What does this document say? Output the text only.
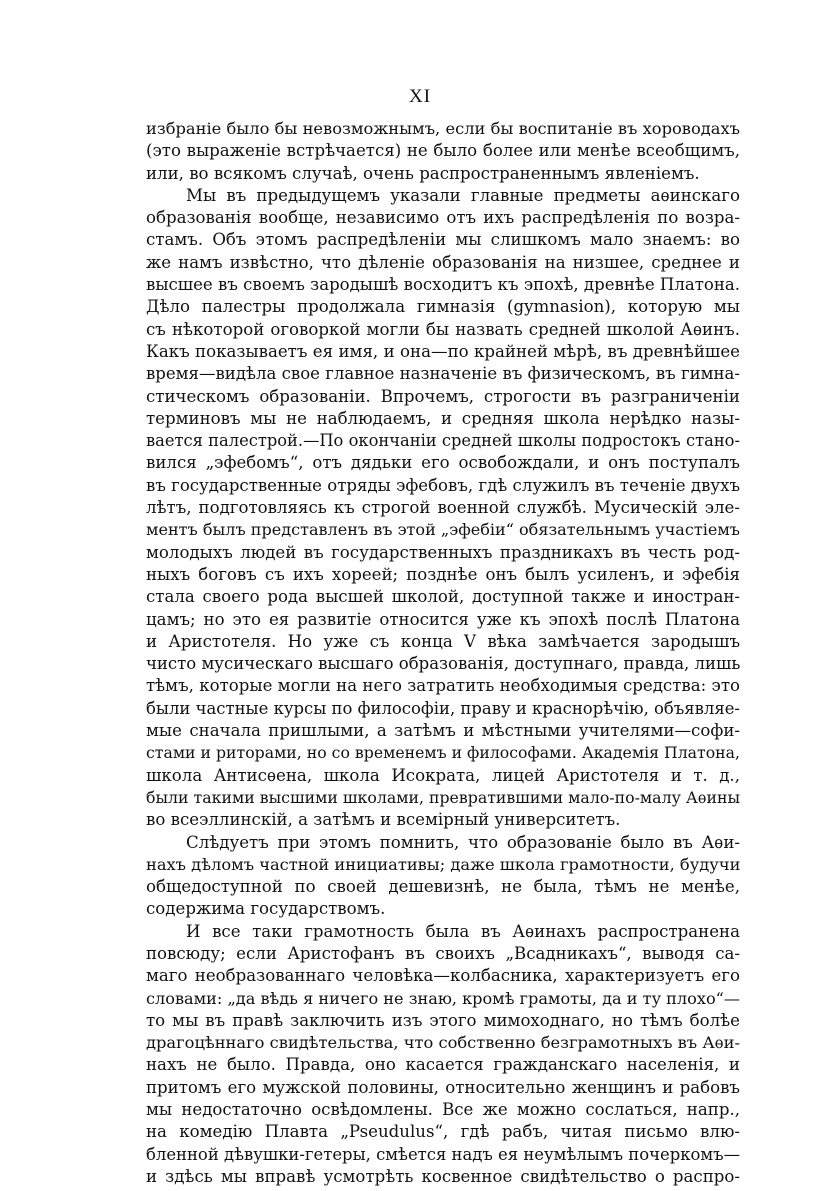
XI
избраніе было бы невозможнымъ, если бы воспитаніе въ хороводахъ
(это выраженіе встрѣчается) не было более или менѣе всеобщимъ,
или, во всякомъ случаѣ, очень распространеннымъ явленіемъ.
Мы въ предыдущемъ указали главные предметы аѳинскаго
образованія вообще, независимо отъ ихъ распредѣленія по возра-
стамъ. Объ этомъ распредѣленіи мы слишкомъ мало знаемъ: во
же намъ извѣстно, что дѣленіе образованія на низшее, среднее и
высшее въ своемъ зародышѣ восходитъ къ эпохѣ, древнѣе Платона.
Дѣло палестры продолжала гимназія (gymnasion), которую мы
съ нѣкоторой оговоркой могли бы назвать средней школой Аѳинъ.
Какъ показываетъ ея имя, и она—по крайней мѣрѣ, въ древнѣйшее
время—видѣла свое главное назначеніе въ физическомъ, въ гимна-
стическомъ образованіи. Впрочемъ, строгости въ разграниченіи
терминовъ мы не наблюдаемъ, и средняя школа нерѣдко назы-
вается палестрой.—По окончаніи средней школы подростокъ стано-
вился „эфебомъ“, отъ дядьки его освобождали, и онъ поступалъ
въ государственные отряды эфебовъ, гдѣ служилъ въ теченіе двухъ
лѣтъ, подготовляясь къ строгой военной службѣ. Мусическій эле-
ментъ былъ представленъ въ этой „эфебіи“ обязательнымъ участіемъ
молодыхъ людей въ государственныхъ праздникахъ въ честь род-
ныхъ боговъ съ ихъ хореей; позднѣе онъ былъ усиленъ, и эфебія
стала своего рода высшей школой, доступной также и иностран-
цамъ; но это ея развитіе относится уже къ эпохѣ послѣ Платона
и Аристотеля. Но уже съ конца V вѣка замѣчается зародышъ
чисто мусическаго высшаго образованія, доступнаго, правда, лишь
тѣмъ, которые могли на него затратить необходимыя средства: это
были частные курсы по философіи, праву и краснорѣчію, объявляе-
мые сначала пришлыми, а затѣмъ и мѣстными учителями—софи-
стами и риторами, но со временемъ и философами. Академія Платона,
школа Антисѳена, школа Исократа, лицей Аристотеля и т. д.,
были такими высшими школами, превратившими мало-по-малу Аѳины
во всеэллинскій, а затѣмъ и всемірный университетъ.
Слѣдуетъ при этомъ помнить, что образованіе было въ Аѳи-
нахъ дѣломъ частной инициативы; даже школа грамотности, будучи
общедоступной по своей дешевизнѣ, не была, тѣмъ не менѣе,
содержима государствомъ.
И все таки грамотность была въ Аѳинахъ распространена
повсюду; если Аристофанъ въ своихъ „Всадникахъ“, выводя са-
маго необразованнаго человѣка—колбасника, характеризуетъ его
словами: „да вѣдь я ничего не знаю, кромѣ грамоты, да и ту плохо“—
то мы въ правѣ заключить изъ этого мимоходнаго, но тѣмъ болѣе
драгоцѣннаго свидѣтельства, что собственно безграмотныхъ въ Аѳи-
нахъ не было. Правда, оно касается гражданскаго населенія, и
притомъ его мужской половины, относительно женщинъ и рабовъ
мы недостаточно освѣдомлены. Все же можно сослаться, напр.,
на комедію Плавта „Pseudulus“, гдѣ рабъ, читая письмо влю-
бленной дѣвушки-гетеры, смѣется надъ ея неумѣлымъ почеркомъ—
и здѣсь мы вправѣ усмотрѣть косвенное свидѣтельство о распро-
